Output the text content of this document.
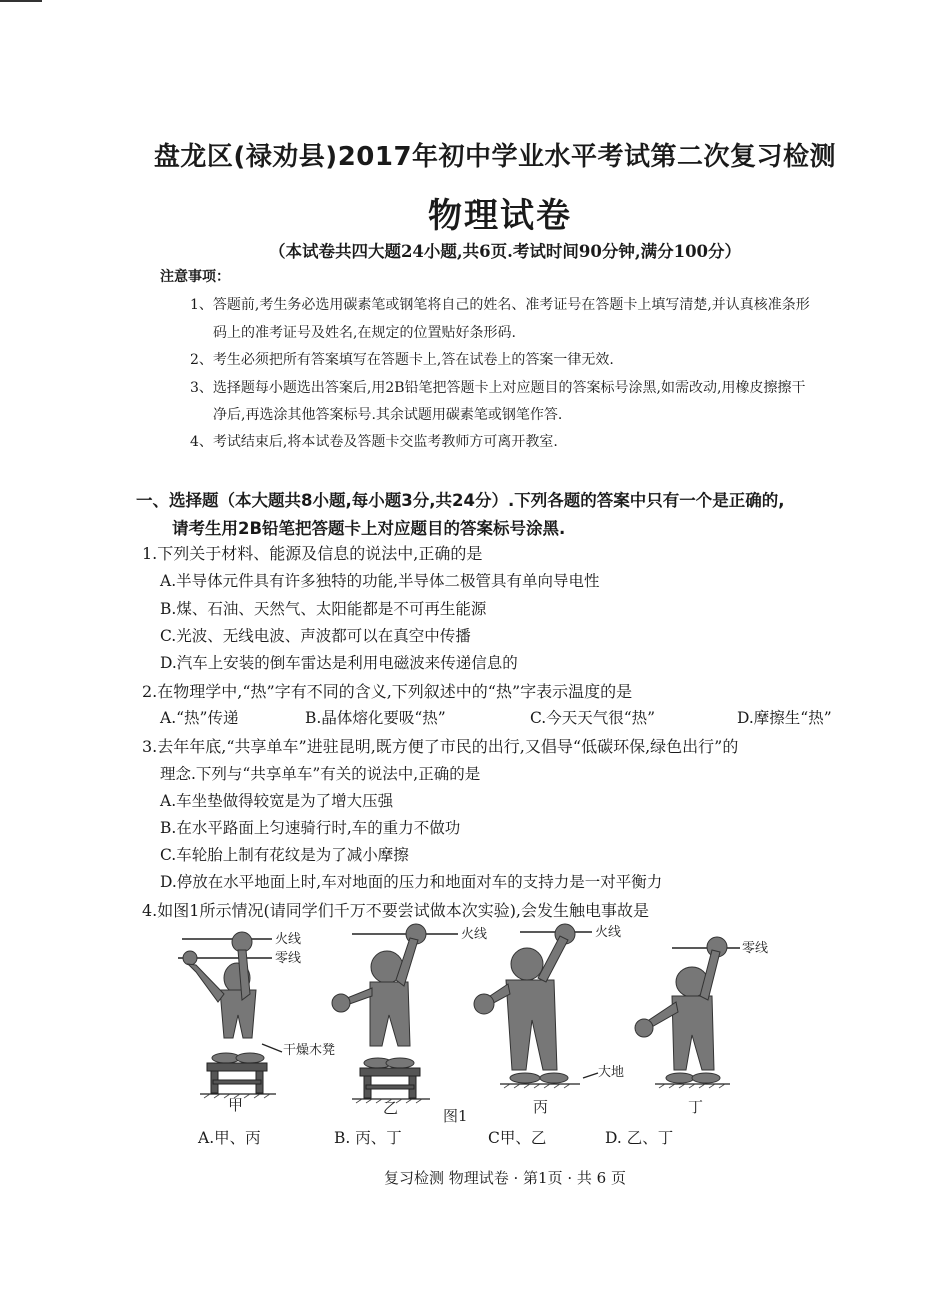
盘龙区(禄劝县)2017年初中学业水平考试第二次复习检测
物理试卷
（本试卷共四大题24小题,共6页.考试时间90分钟,满分100分）
注意事项：
1、答题前,考生务必选用碳素笔或钢笔将自己的姓名、准考证号在答题卡上填写清楚,并认真核准条形
码上的准考证号及姓名,在规定的位置贴好条形码.
2、考生必须把所有答案填写在答题卡上,答在试卷上的答案一律无效.
3、选择题每小题选出答案后,用2B铅笔把答题卡上对应题目的答案标号涂黑,如需改动,用橡皮擦擦干
净后,再选涂其他答案标号.其余试题用碳素笔或钢笔作答.
4、考试结束后,将本试卷及答题卡交监考教师方可离开教室.
一、选择题（本大题共8小题,每小题3分,共24分）.下列各题的答案中只有一个是正确的,
请考生用2B铅笔把答题卡上对应题目的答案标号涂黑.
1.下列关于材料、能源及信息的说法中,正确的是
A.半导体元件具有许多独特的功能,半导体二极管具有单向导电性
B.煤、石油、天然气、太阳能都是不可再生能源
C.光波、无线电波、声波都可以在真空中传播
D.汽车上安装的倒车雷达是利用电磁波来传递信息的
2.在物理学中,“热”字有不同的含义,下列叙述中的“热”字表示温度的是
A.“热”传递	B.晶体熔化要吸“热”	C.今天天气很“热”	D.摩擦生“热”
3.去年年底,“共享单车”进驻昆明,既方便了市民的出行,又倡导“低碳环保,绿色出行”的
理念.下列与“共享单车”有关的说法中,正确的是
A.车坐垫做得较宽是为了增大压强
B.在水平路面上匀速骑行时,车的重力不做功
C.车轮胎上制有花纹是为了减小摩擦
D.停放在水平地面上时,车对地面的压力和地面对车的支持力是一对平衡力
4.如图1所示情况(请同学们千万不要尝试做本次实验),会发生触电事故是
火线
零线
火线	火线
零线
干燥木凳
大地
甲	乙	丙	丁
图1
A.甲、丙	B. 丙、丁	C甲、乙	D. 乙、丁
复习检测 物理试卷 · 第1页 · 共 6 页
